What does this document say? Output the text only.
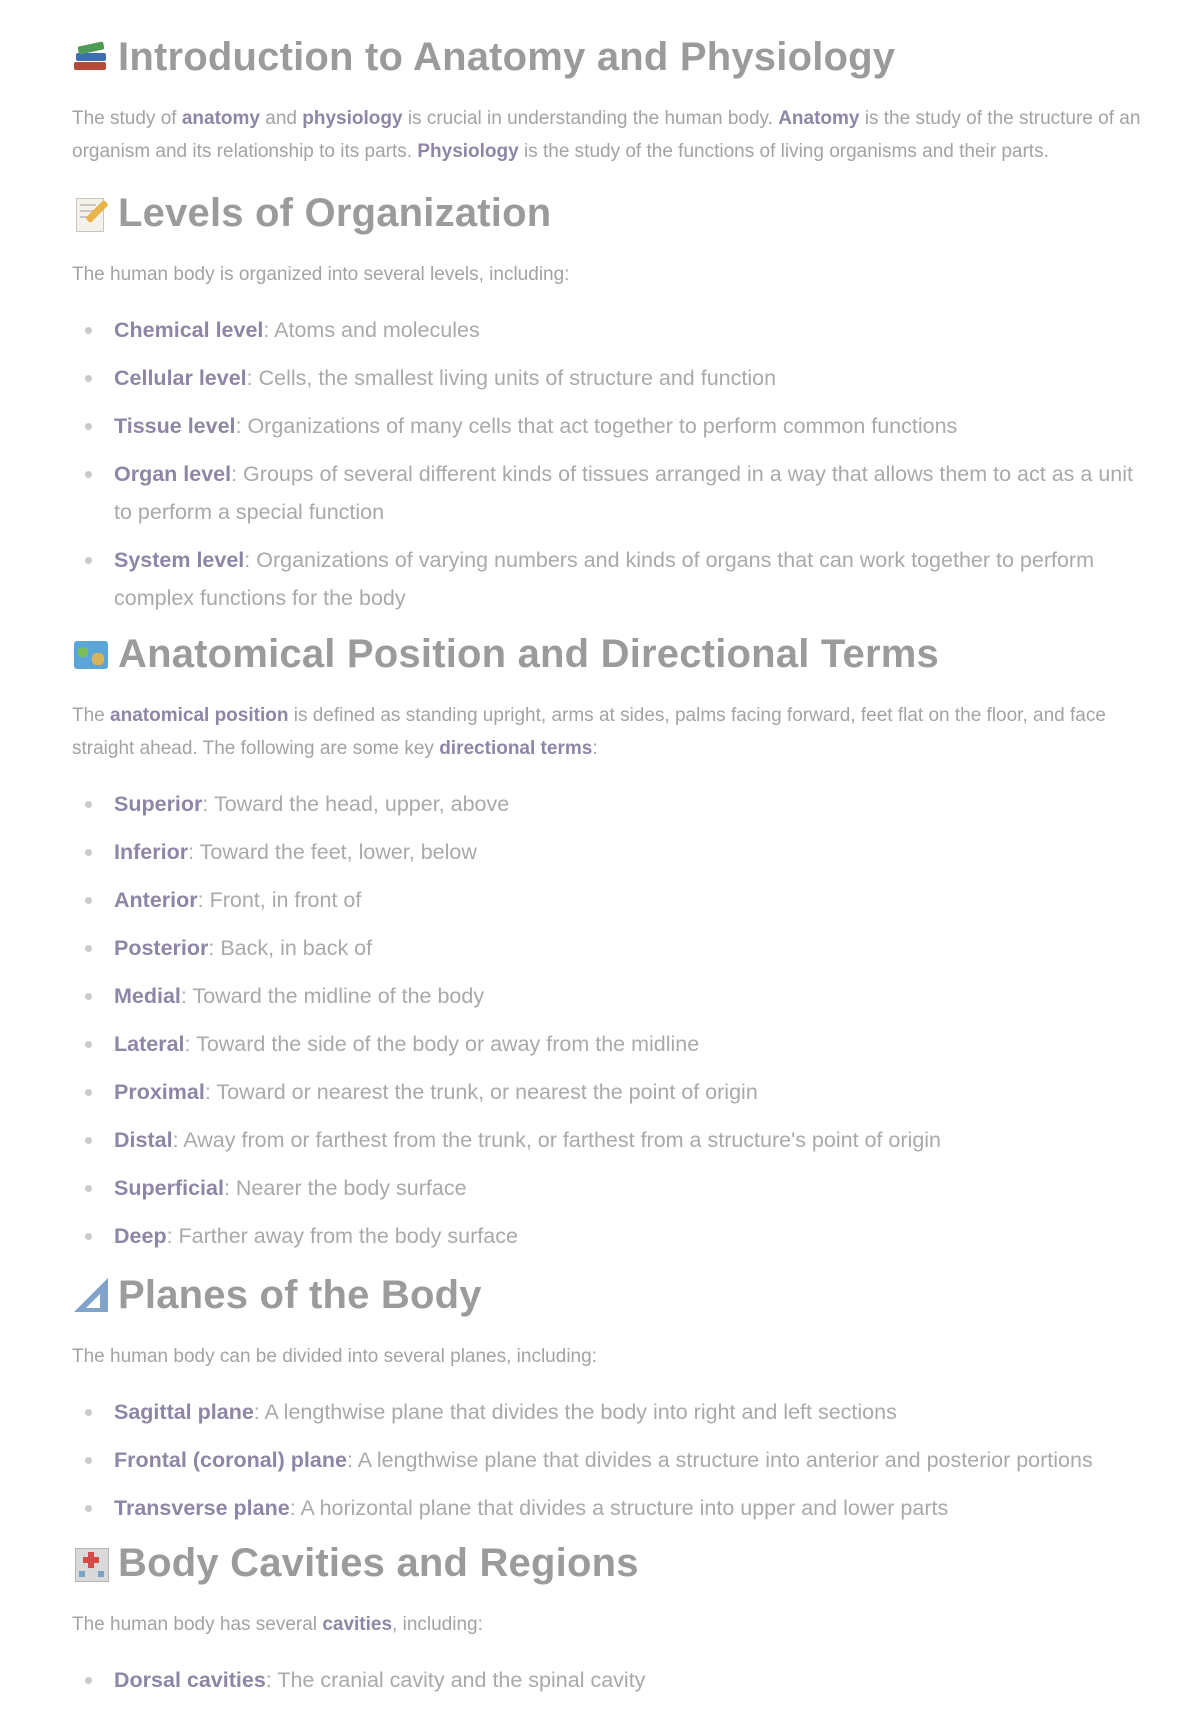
Introduction to Anatomy and Physiology

The study of anatomy and physiology is crucial in understanding the human body. Anatomy is the study of the structure of an organism and its relationship to its parts. Physiology is the study of the functions of living organisms and their parts.

Levels of Organization

The human body is organized into several levels, including:

Chemical level: Atoms and molecules
Cellular level: Cells, the smallest living units of structure and function
Tissue level: Organizations of many cells that act together to perform common functions
Organ level: Groups of several different kinds of tissues arranged in a way that allows them to act as a unit to perform a special function
System level: Organizations of varying numbers and kinds of organs that can work together to perform complex functions for the body
Anatomical Position and Directional Terms

The anatomical position is defined as standing upright, arms at sides, palms facing forward, feet flat on the floor, and face straight ahead. The following are some key directional terms:

Superior: Toward the head, upper, above
Inferior: Toward the feet, lower, below
Anterior: Front, in front of
Posterior: Back, in back of
Medial: Toward the midline of the body
Lateral: Toward the side of the body or away from the midline
Proximal: Toward or nearest the trunk, or nearest the point of origin
Distal: Away from or farthest from the trunk, or farthest from a structure's point of origin
Superficial: Nearer the body surface
Deep: Farther away from the body surface
Planes of the Body

The human body can be divided into several planes, including:

Sagittal plane: A lengthwise plane that divides the body into right and left sections
Frontal (coronal) plane: A lengthwise plane that divides a structure into anterior and posterior portions
Transverse plane: A horizontal plane that divides a structure into upper and lower parts
Body Cavities and Regions

The human body has several cavities, including:

Dorsal cavities: The cranial cavity and the spinal cavity
